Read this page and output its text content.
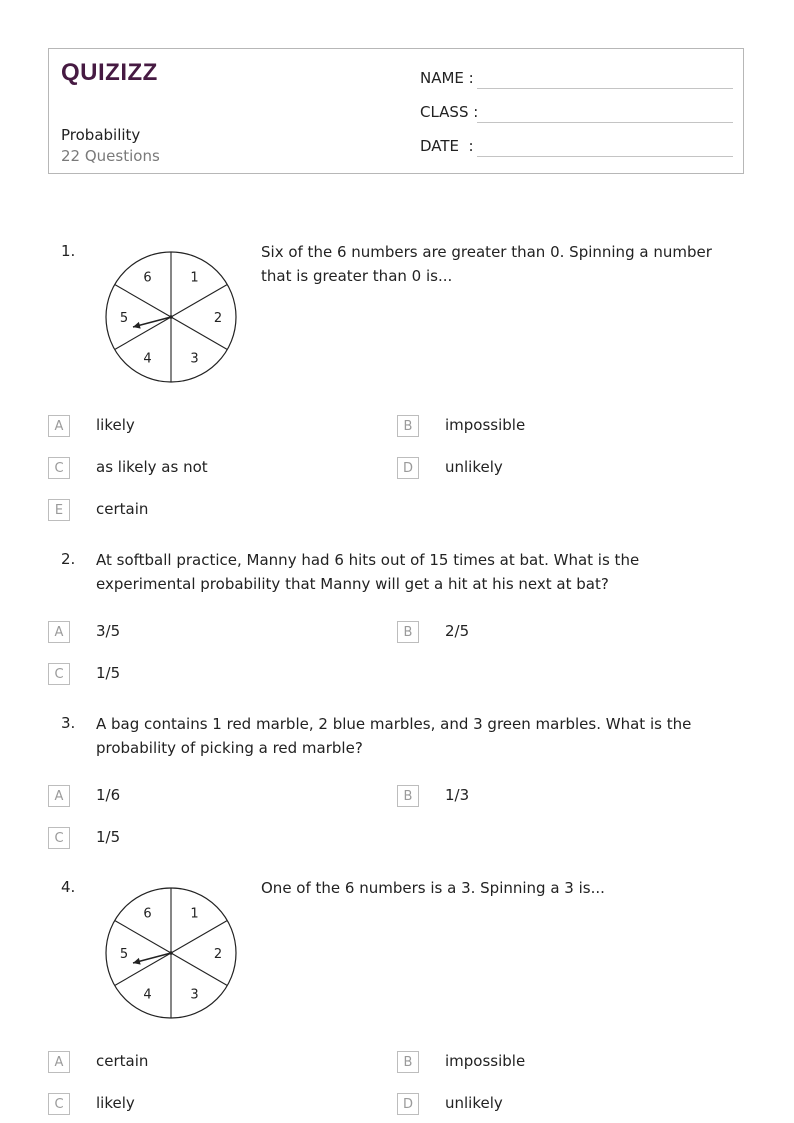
QUIZIZZ
Probability
22 Questions
NAME :
CLASS :
DATE  :
1.
1
2
3
4
5
6
Six of the 6 numbers are greater than 0. Spinning a number that is greater than 0 is...
A	likely	B	impossible
C	as likely as not	D	unlikely
E	certain
2. At softball practice, Manny had 6 hits out of 15 times at bat. What is the experimental probability that Manny will get a hit at his next at bat?
A	3/5	B	2/5
C	1/5
3. A bag contains 1 red marble, 2 blue marbles, and 3 green marbles. What is the probability of picking a red marble?
A	1/6	B	1/3
C	1/5
4.
1
2
3
4
5
6
One of the 6 numbers is a 3. Spinning a 3 is...
A	certain	B	impossible
C	likely	D	unlikely
